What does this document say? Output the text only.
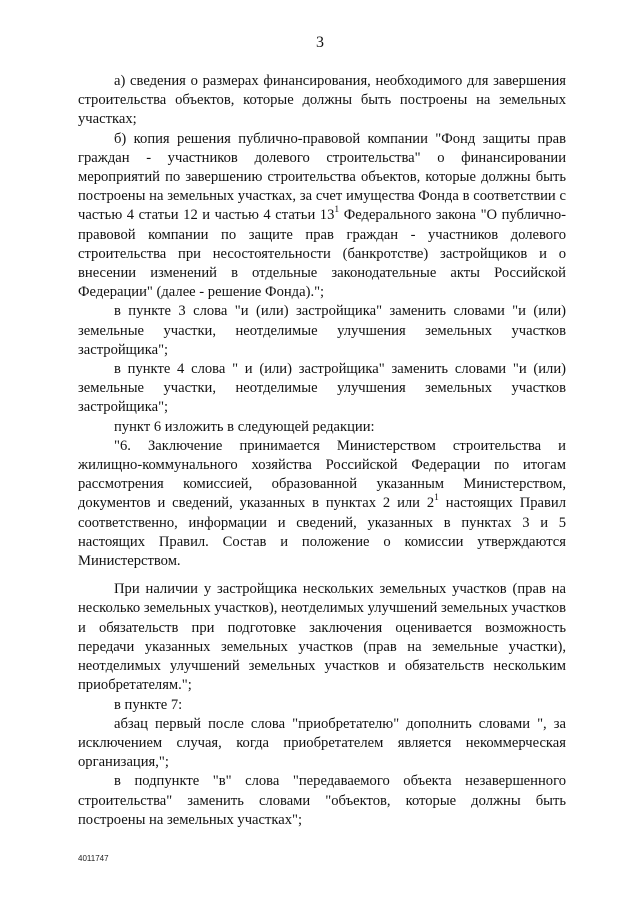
3

а) сведения о размерах финансирования, необходимого для завершения строительства объектов, которые должны быть построены на земельных участках;

б) копия решения публично-правовой компании "Фонд защиты прав граждан - участников долевого строительства" о финансировании мероприятий по завершению строительства объектов, которые должны быть построены на земельных участках, за счет имущества Фонда в соответствии с частью 4 статьи 12 и частью 4 статьи $13^1$ Федерального закона "О публично-правовой компании по защите прав граждан - участников долевого строительства при несостоятельности (банкротстве) застройщиков и о внесении изменений в отдельные законодательные акты Российской Федерации" (далее - решение Фонда).";

в пункте 3 слова "и (или) застройщика" заменить словами "и (или) земельные участки, неотделимые улучшения земельных участков застройщика";

в пункте 4 слова " и (или) застройщика" заменить словами "и (или) земельные участки, неотделимые улучшения земельных участков застройщика";

пункт 6 изложить в следующей редакции:

"6. Заключение принимается Министерством строительства и жилищно-коммунального хозяйства Российской Федерации по итогам рассмотрения комиссией, образованной указанным Министерством, документов и сведений, указанных в пунктах 2 или $2^1$ настоящих Правил соответственно, информации и сведений, указанных в пунктах 3 и 5 настоящих Правил. Состав и положение о комиссии утверждаются Министерством.

При наличии у застройщика нескольких земельных участков (прав на несколько земельных участков), неотделимых улучшений земельных участков и обязательств при подготовке заключения оценивается возможность передачи указанных земельных участков (прав на земельные участки), неотделимых улучшений земельных участков и обязательств нескольким приобретателям.";

в пункте 7:

абзац первый после слова "приобретателю" дополнить словами ", за исключением случая, когда приобретателем является некоммерческая организация,";

в подпункте "в" слова "передаваемого объекта незавершенного строительства" заменить словами "объектов, которые должны быть построены на земельных участках";

4011747
